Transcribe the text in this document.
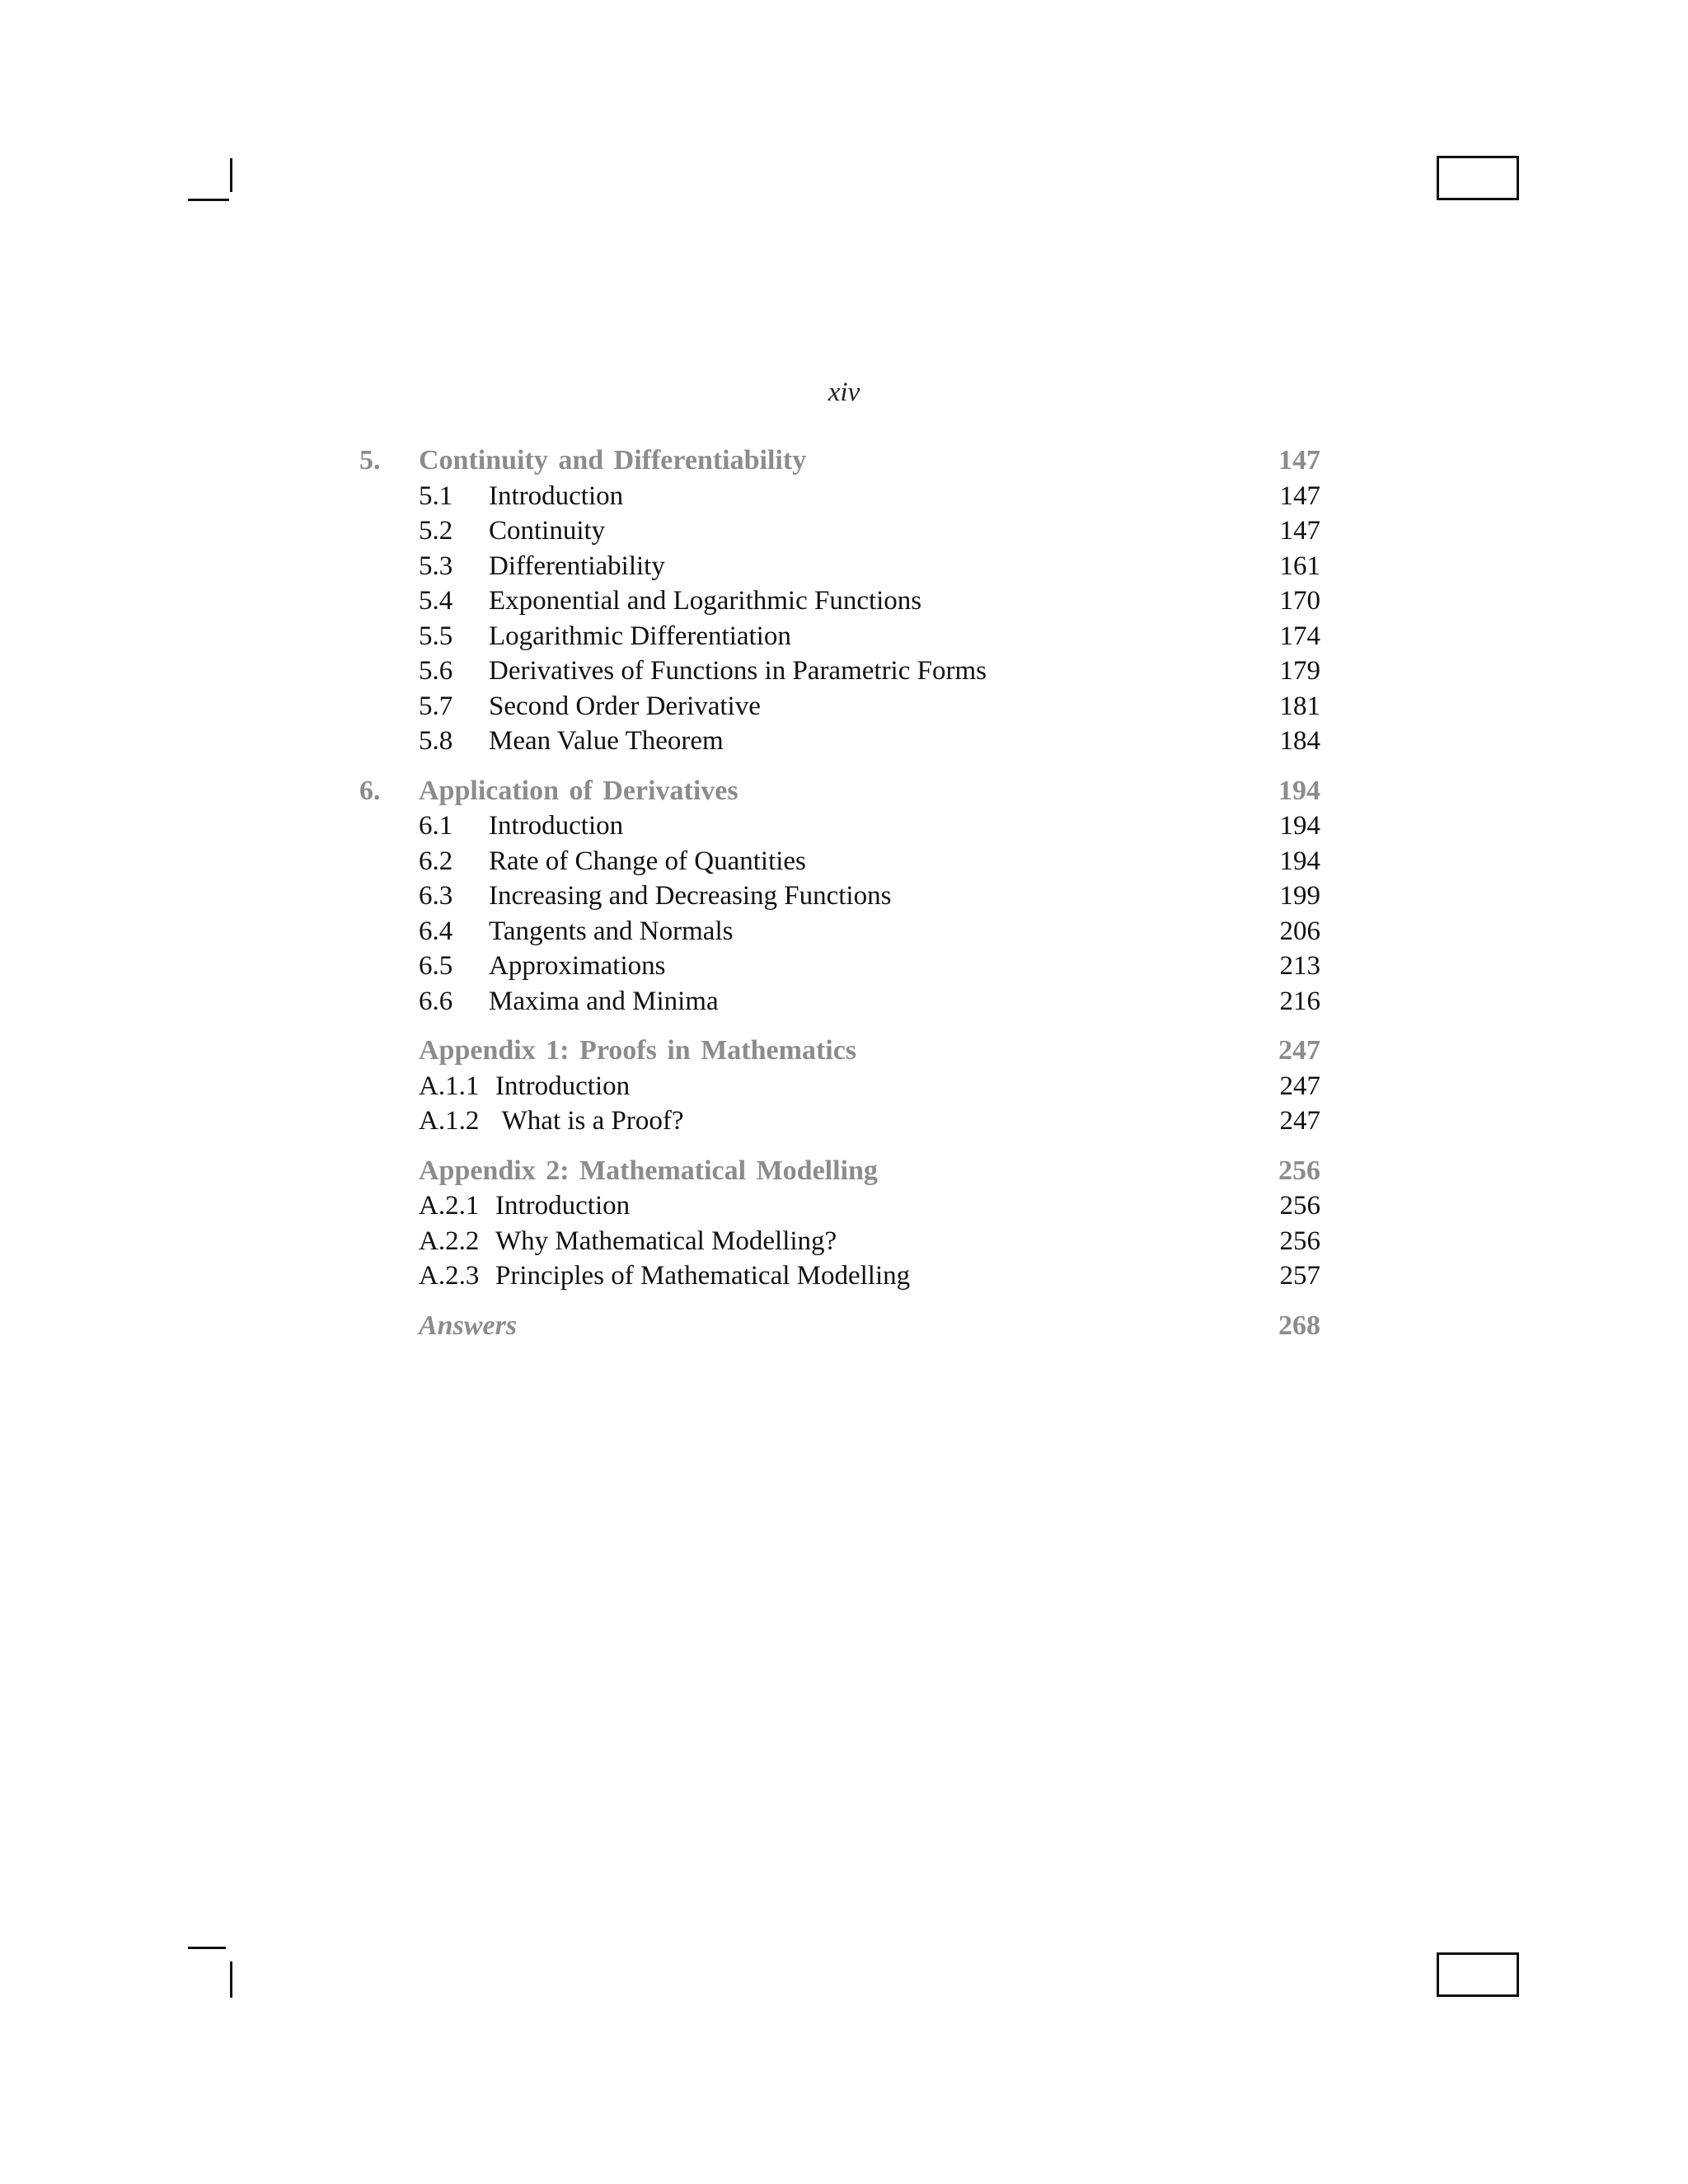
xiv
5. Continuity and Differentiability	147
5.1 Introduction	147
5.2 Continuity	147
5.3 Differentiability	161
5.4 Exponential and Logarithmic Functions	170
5.5 Logarithmic Differentiation	174
5.6 Derivatives of Functions in Parametric Forms	179
5.7 Second Order Derivative	181
5.8 Mean Value Theorem	184
6. Application of Derivatives	194
6.1 Introduction	194
6.2 Rate of Change of Quantities	194
6.3 Increasing and Decreasing Functions	199
6.4 Tangents and Normals	206
6.5 Approximations	213
6.6 Maxima and Minima	216
Appendix 1: Proofs in Mathematics	247
A.1.1 Introduction	247
A.1.2 What is a Proof?	247
Appendix 2: Mathematical Modelling	256
A.2.1 Introduction	256
A.2.2 Why Mathematical Modelling?	256
A.2.3 Principles of Mathematical Modelling	257
Answers	268
